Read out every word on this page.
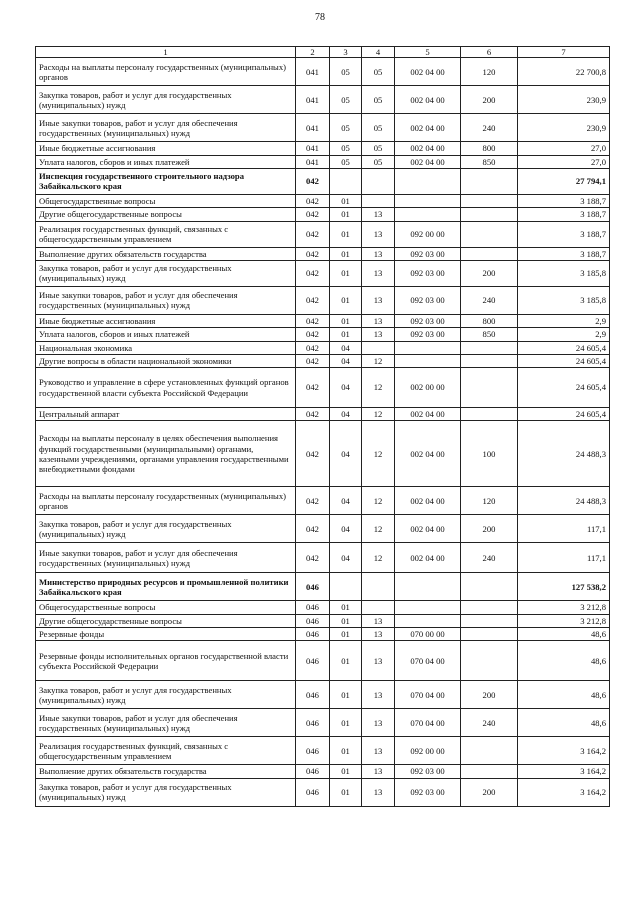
78
1	2	3	4	5	6	7
Расходы на выплаты персоналу государственных (муниципальных) органов	041	05	05	002 04 00	120	22 700,8
Закупка товаров, работ и услуг для государственных (муниципальных) нужд	041	05	05	002 04 00	200	230,9
Иные закупки товаров, работ и услуг для обеспечения государственных (муниципальных) нужд	041	05	05	002 04 00	240	230,9
Иные бюджетные ассигнования	041	05	05	002 04 00	800	27,0
Уплата налогов, сборов и иных платежей	041	05	05	002 04 00	850	27,0
Инспекция государственного строительного надзора Забайкальского края	042					27 794,1
Общегосударственные вопросы	042	01				3 188,7
Другие общегосударственные вопросы	042	01	13			3 188,7
Реализация государственных функций, связанных с общегосударственным управлением	042	01	13	092 00 00		3 188,7
Выполнение других обязательств государства	042	01	13	092 03 00		3 188,7
Закупка товаров, работ и услуг для государственных (муниципальных) нужд	042	01	13	092 03 00	200	3 185,8
Иные закупки товаров, работ и услуг для обеспечения государственных (муниципальных) нужд	042	01	13	092 03 00	240	3 185,8
Иные бюджетные ассигнования	042	01	13	092 03 00	800	2,9
Уплата налогов, сборов и иных платежей	042	01	13	092 03 00	850	2,9
Национальная экономика	042	04				24 605,4
Другие вопросы в области национальной экономики	042	04	12			24 605,4
Руководство и управление в сфере установленных функций органов государственной власти субъекта Российской Федерации	042	04	12	002 00 00		24 605,4
Центральный аппарат	042	04	12	002 04 00		24 605,4
Расходы на выплаты персоналу в целях обеспечения выполнения функций государственными (муниципальными) органами, казенными учреждениями, органами управления государственными внебюджетными фондами	042	04	12	002 04 00	100	24 488,3
Расходы на выплаты персоналу государственных (муниципальных) органов	042	04	12	002 04 00	120	24 488,3
Закупка товаров, работ и услуг для государственных (муниципальных) нужд	042	04	12	002 04 00	200	117,1
Иные закупки товаров, работ и услуг для обеспечения государственных (муниципальных) нужд	042	04	12	002 04 00	240	117,1
Министерство природных ресурсов и промышленной политики Забайкальского края	046					127 538,2
Общегосударственные вопросы	046	01				3 212,8
Другие общегосударственные вопросы	046	01	13			3 212,8
Резервные фонды	046	01	13	070 00 00		48,6
Резервные фонды исполнительных органов государственной власти субъекта Российской Федерации	046	01	13	070 04 00		48,6
Закупка товаров, работ и услуг для государственных (муниципальных) нужд	046	01	13	070 04 00	200	48,6
Иные закупки товаров, работ и услуг для обеспечения государственных (муниципальных) нужд	046	01	13	070 04 00	240	48,6
Реализация государственных функций, связанных с общегосударственным управлением	046	01	13	092 00 00		3 164,2
Выполнение других обязательств государства	046	01	13	092 03 00		3 164,2
Закупка товаров, работ и услуг для государственных (муниципальных) нужд	046	01	13	092 03 00	200	3 164,2
